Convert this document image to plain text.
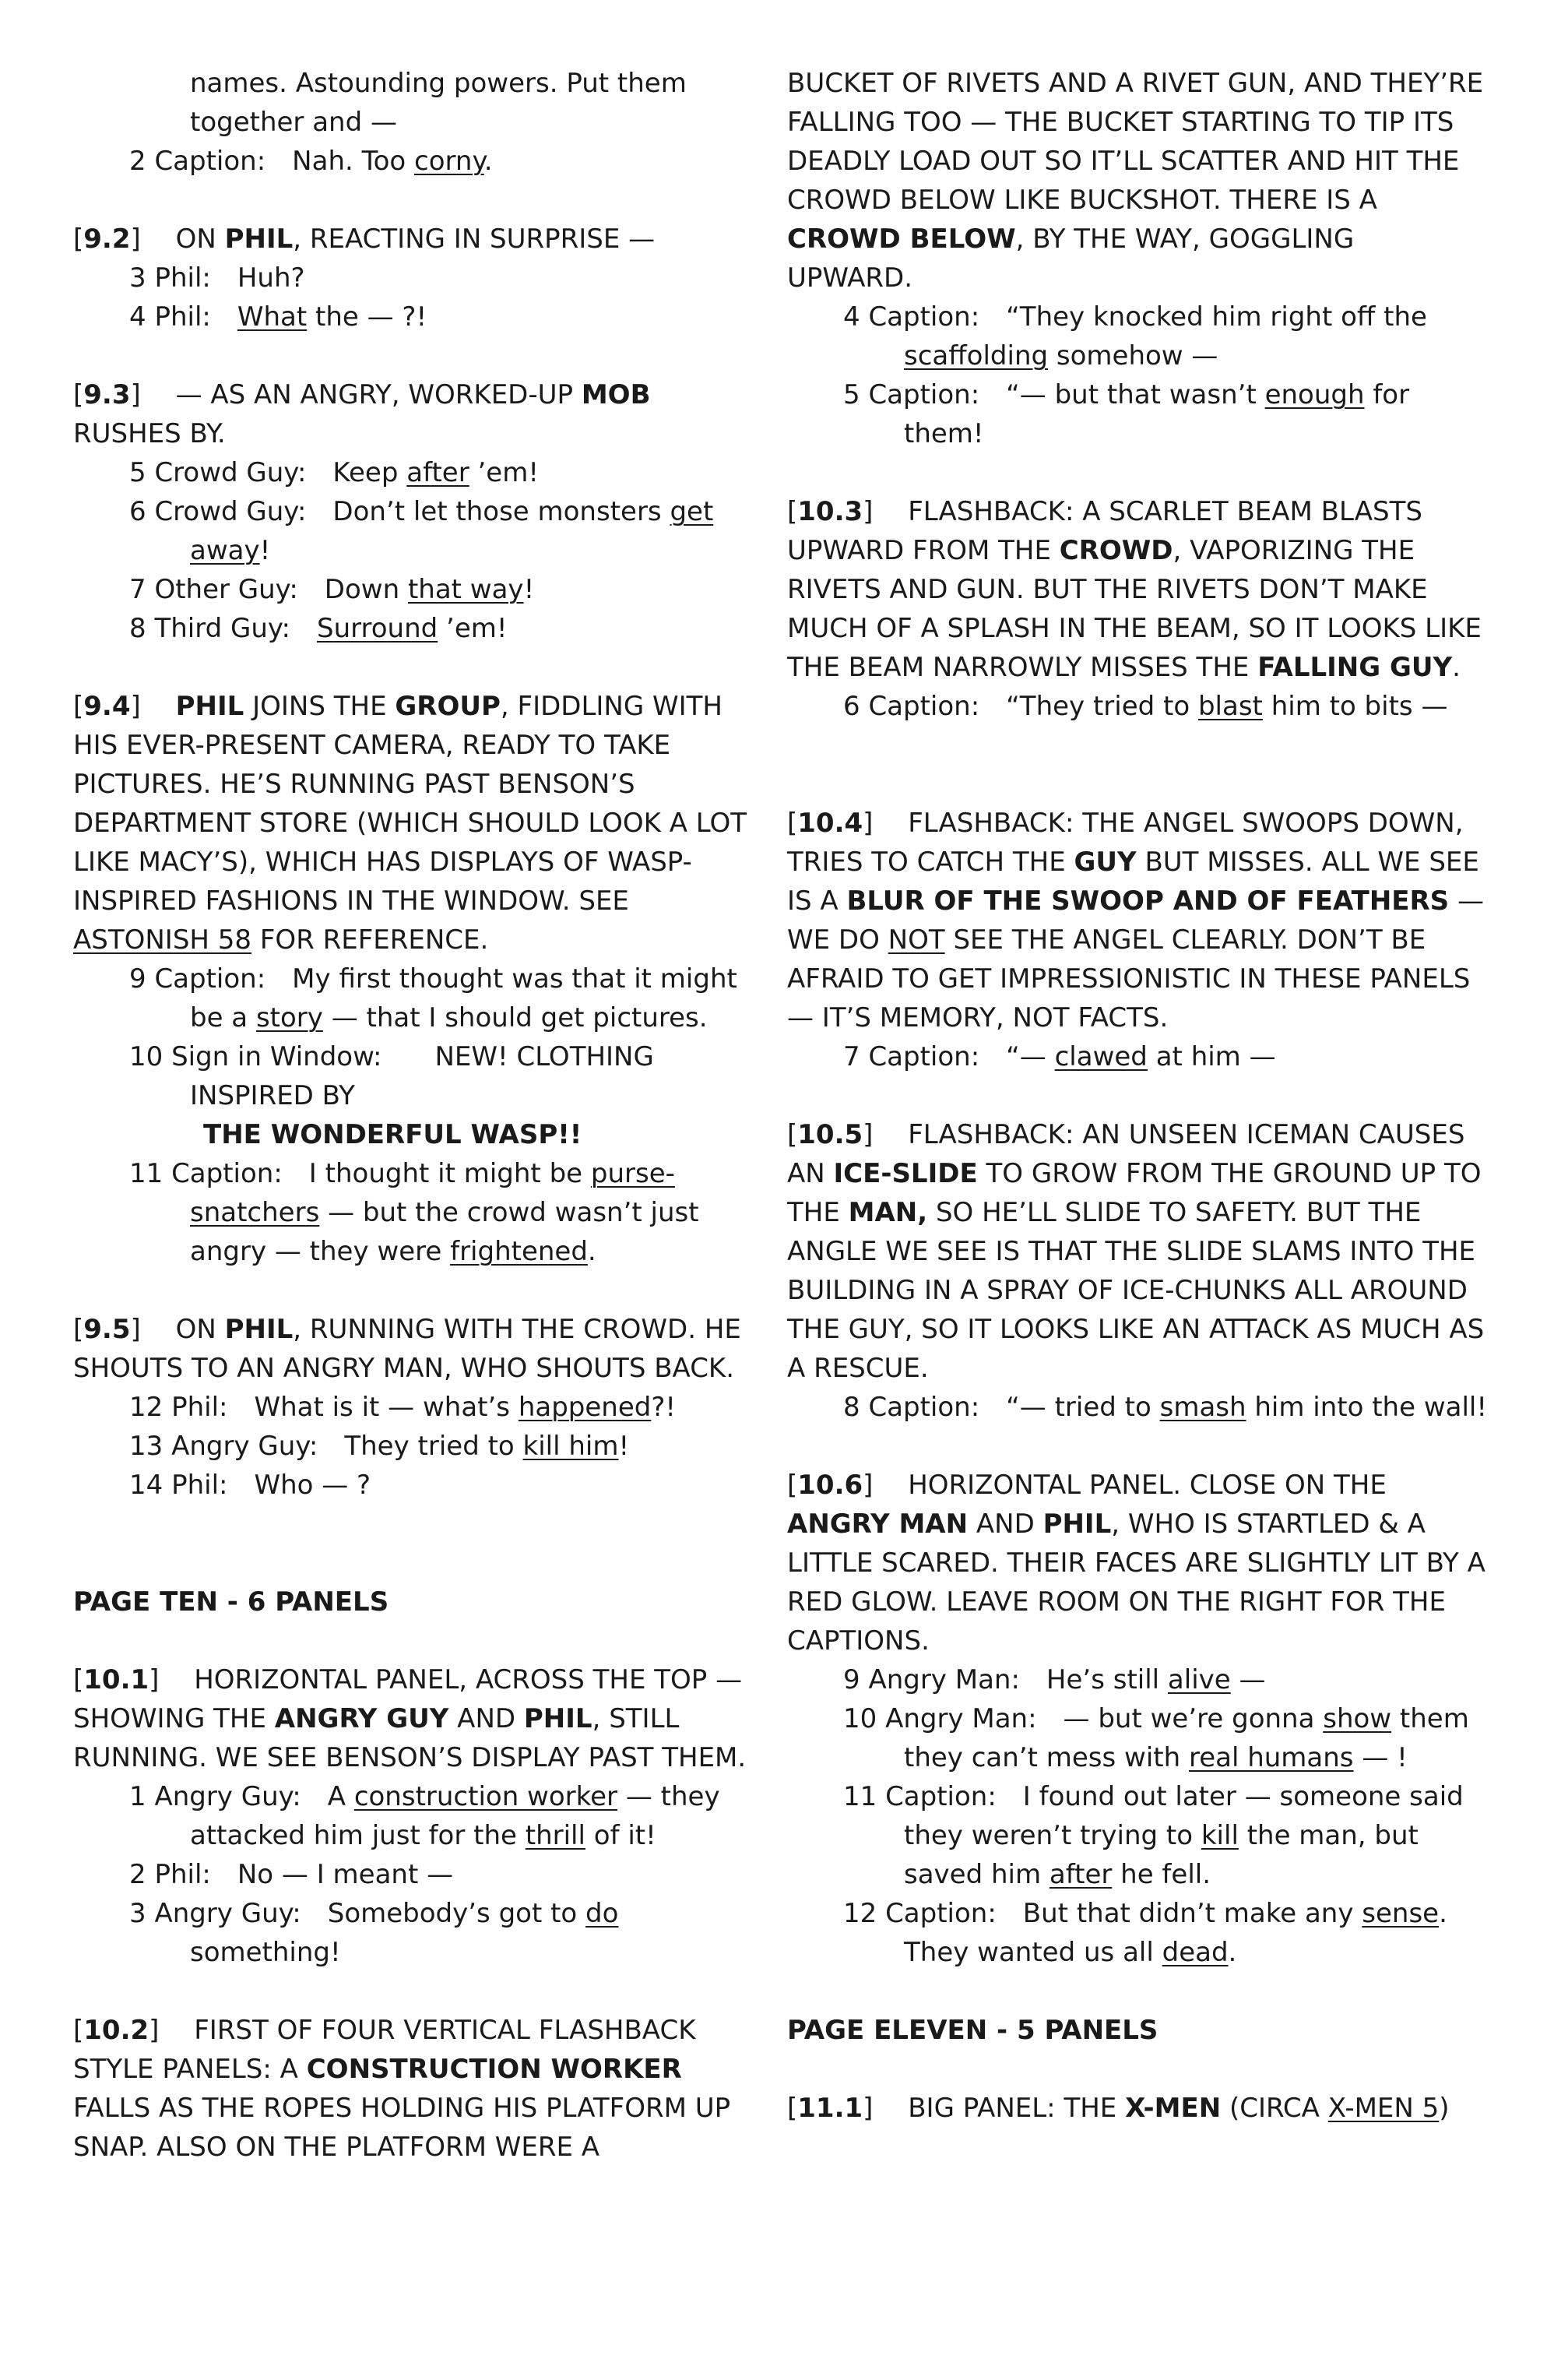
names. Astounding powers. Put them together and —

2 Caption: Nah. Too corny.

[9.2]  ON PHIL, REACTING IN SURPRISE —

3 Phil: Huh?

4 Phil: What the — ?!

[9.3]  — AS AN ANGRY, WORKED-UP MOB RUSHES BY.

5 Crowd Guy: Keep after ’em!

6 Crowd Guy: Don’t let those monsters get away!

7 Other Guy: Down that way!

8 Third Guy: Surround ’em!

[9.4]  PHIL JOINS THE GROUP, FIDDLING WITH HIS EVER-PRESENT CAMERA, READY TO TAKE PICTURES. HE’S RUNNING PAST BENSON’S DEPARTMENT STORE (WHICH SHOULD LOOK A LOT LIKE MACY’S), WHICH HAS DISPLAYS OF WASP-INSPIRED FASHIONS IN THE WINDOW. SEE ASTONISH 58 FOR REFERENCE.

9 Caption: My first thought was that it might be a story — that I should get pictures.

10 Sign in Window:  NEW! CLOTHING INSPIRED BY

 THE WONDERFUL WASP!!

11 Caption: I thought it might be purse-snatchers — but the crowd wasn’t just angry — they were frightened.

[9.5]  ON PHIL, RUNNING WITH THE CROWD. HE SHOUTS TO AN ANGRY MAN, WHO SHOUTS BACK.

12 Phil: What is it — what’s happened?!

13 Angry Guy: They tried to kill him!

14 Phil: Who — ?

PAGE TEN - 6 PANELS

[10.1]  HORIZONTAL PANEL, ACROSS THE TOP — SHOWING THE ANGRY GUY AND PHIL, STILL RUNNING. WE SEE BENSON’S DISPLAY PAST THEM.

1 Angry Guy: A construction worker — they attacked him just for the thrill of it!

2 Phil: No — I meant —

3 Angry Guy: Somebody’s got to do something!

[10.2]  FIRST OF FOUR VERTICAL FLASHBACK STYLE PANELS: A CONSTRUCTION WORKER FALLS AS THE ROPES HOLDING HIS PLATFORM UP SNAP. ALSO ON THE PLATFORM WERE A

BUCKET OF RIVETS AND A RIVET GUN, AND THEY’RE FALLING TOO — THE BUCKET STARTING TO TIP ITS DEADLY LOAD OUT SO IT’LL SCATTER AND HIT THE CROWD BELOW LIKE BUCKSHOT. THERE IS A CROWD BELOW, BY THE WAY, GOGGLING UPWARD.

4 Caption: “They knocked him right off the scaffolding somehow —

5 Caption: “— but that wasn’t enough for them!

[10.3]  FLASHBACK: A SCARLET BEAM BLASTS UPWARD FROM THE CROWD, VAPORIZING THE RIVETS AND GUN. BUT THE RIVETS DON’T MAKE MUCH OF A SPLASH IN THE BEAM, SO IT LOOKS LIKE THE BEAM NARROWLY MISSES THE FALLING GUY.

6 Caption: “They tried to blast him to bits —

[10.4]  FLASHBACK: THE ANGEL SWOOPS DOWN, TRIES TO CATCH THE GUY BUT MISSES. ALL WE SEE IS A BLUR OF THE SWOOP AND OF FEATHERS — WE DO NOT SEE THE ANGEL CLEARLY. DON’T BE AFRAID TO GET IMPRESSIONISTIC IN THESE PANELS — IT’S MEMORY, NOT FACTS.

7 Caption: “— clawed at him —

[10.5]  FLASHBACK: AN UNSEEN ICEMAN CAUSES AN ICE-SLIDE TO GROW FROM THE GROUND UP TO THE MAN, SO HE’LL SLIDE TO SAFETY. BUT THE ANGLE WE SEE IS THAT THE SLIDE SLAMS INTO THE BUILDING IN A SPRAY OF ICE-CHUNKS ALL AROUND THE GUY, SO IT LOOKS LIKE AN ATTACK AS MUCH AS A RESCUE.

8 Caption: “— tried to smash him into the wall!

[10.6]  HORIZONTAL PANEL. CLOSE ON THE ANGRY MAN AND PHIL, WHO IS STARTLED & A LITTLE SCARED. THEIR FACES ARE SLIGHTLY LIT BY A RED GLOW. LEAVE ROOM ON THE RIGHT FOR THE CAPTIONS.

9 Angry Man: He’s still alive —

10 Angry Man: — but we’re gonna show them they can’t mess with real humans — !

11 Caption: I found out later — someone said they weren’t trying to kill the man, but saved him after he fell.

12 Caption: But that didn’t make any sense. They wanted us all dead.

PAGE ELEVEN - 5 PANELS

[11.1]  BIG PANEL: THE X-MEN (CIRCA X-MEN 5)
